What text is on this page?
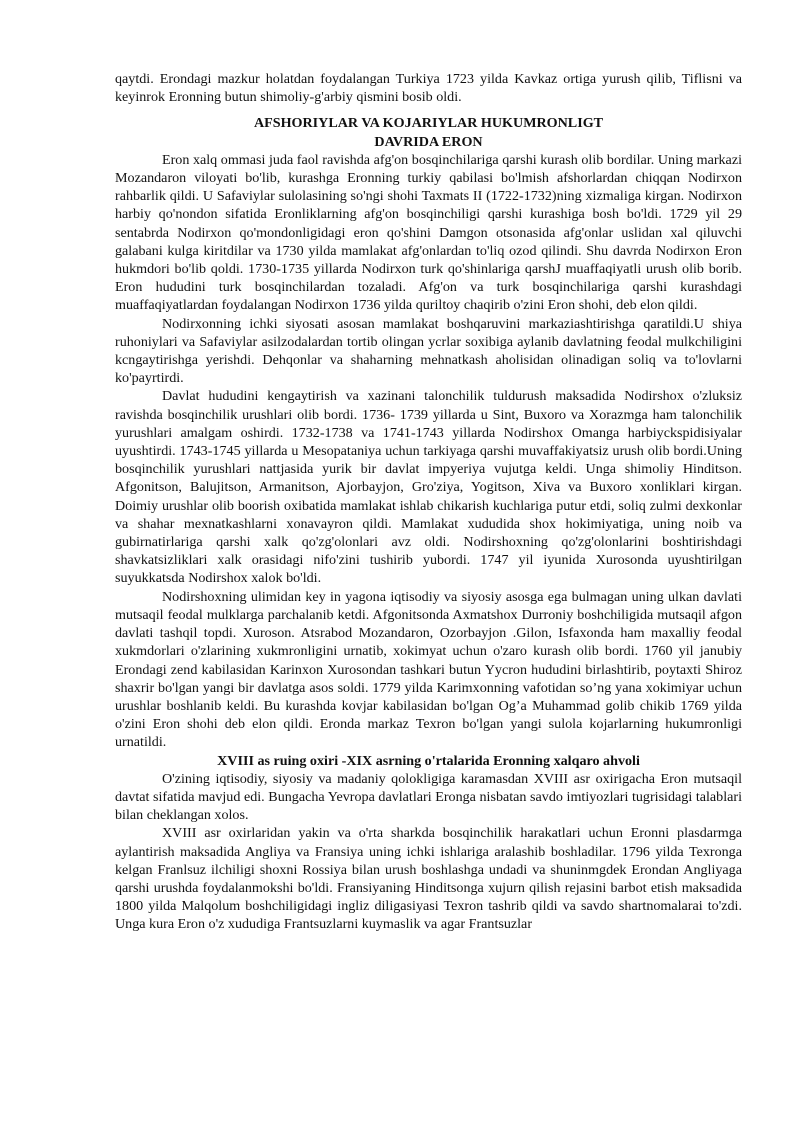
qaytdi. Erondagi mazkur holatdan foydalangan Turkiya 1723 yilda Kavkaz ortiga yurush qilib, Tiflisni va keyinrok Eronning butun shimoliy-g'arbiy qismini bosib oldi.

AFSHORIYLAR VA KOJARIYLAR HUKUMRONLIGT
DAVRIDA ERON

Eron xalq ommasi juda faol ravishda afg'on bosqinchilariga qarshi kurash olib bordilar. Uning markazi Mozandaron viloyati bo'lib, kurashga Eronning turkiy qabilasi bo'lmish afshorlardan chiqqan Nodirxon rahbarlik qildi. U Safaviylar sulolasining so'ngi shohi Taxmats II (1722-1732)ning xizmaliga kirgan. Nodirxon harbiy qo'nondon sifatida Eronliklarning afg'on bosqinchiligi qarshi kurashiga bosh bo'ldi. 1729 yil 29 sentabrda Nodirxon qo'mondonligidagi eron qo'shini Damgon otsonasida afg'onlar uslidan xal qiluvchi galabani kulga kiritdilar va 1730 yilda mamlakat afg'onlardan to'liq ozod qilindi. Shu davrda Nodirxon Eron hukmdori bo'lib qoldi. 1730-1735 yillarda Nodirxon turk qo'shinlariga qarshJ muaffaqiyatli urush olib borib. Eron hududini turk bosqinchilardan tozaladi. Afg'on va turk bosqinchilariga qarshi kurashdagi muaffaqiyatlardan foydalangan Nodirxon 1736 yilda quriltoy chaqirib o'zini Eron shohi, deb elon qildi.

Nodirxonning ichki siyosati asosan mamlakat boshqaruvini markaziashtirishga qaratildi.U shiya ruhoniylari va Safaviylar asilzodalardan tortib olingan ycrlar soxibiga aylanib davlatning feodal mulkchiligini kcngaytirishga yerishdi. Dehqonlar va shaharning mehnatkash aholisidan olinadigan soliq va to'lovlarni ko'payrtirdi.

Davlat hududini kengaytirish va xazinani talonchilik tuldurush maksadida Nodirshox o'zluksiz ravishda bosqinchilik urushlari olib bordi. 1736- 1739 yillarda u Sint, Buxoro va Xorazmga ham talonchilik yurushlari amalgam oshirdi. 1732-1738 va 1741-1743 yillarda Nodirshox Omanga harbiyckspidisiyalar uyushtirdi. 1743-1745 yillarda u Mesopataniya uchun tarkiyaga qarshi muvaffakiyatsiz urush olib bordi.Uning bosqinchilik yurushlari nattjasida yurik bir davlat impyeriya vujutga keldi. Unga shimoliy Hinditson. Afgonitson, Balujitson, Armanitson, Ajorbayjon, Gro'ziya, Yogitson, Xiva va Buxoro xonliklari kirgan. Doimiy urushlar olib boorish oxibatida mamlakat ishlab chikarish kuchlariga putur etdi, soliq zulmi dexkonlar va shahar mexnatkashlarni xonavayron qildi. Mamlakat xududida shox hokimiyatiga, uning noib va gubirnatirlariga qarshi xalk qo'zg'olonlari avz oldi. Nodirshoxning qo'zg'olonlarini boshtirishdagi shavkatsizliklari xalk orasidagi nifo'zini tushirib yubordi. 1747 yil iyunida Xurosonda uyushtirilgan suyukkatsda Nodirshox xalok bo'ldi.

Nodirshoxning ulimidan key in yagona iqtisodiy va siyosiy asosga ega bulmagan uning ulkan davlati mutsaqil feodal mulklarga parchalanib ketdi. Afgonitsonda Axmatshox Durroniy boshchiligida mutsaqil afgon davlati tashqil topdi. Xuroson. Atsrabod Mozandaron, Ozorbayjon .Gilon, Isfaxonda ham maxalliy feodal xukmdorlari o'zlarining xukmronligini urnatib, xokimyat uchun o'zaro kurash olib bordi. 1760 yil janubiy Erondagi zend kabilasidan Karinxon Xurosondan tashkari butun Yycron hududini birlashtirib, poytaxti Shiroz shaxrir bo'lgan yangi bir davlatga asos soldi. 1779 yilda Karimxonning vafotidan so’ng yana xokimiyar uchun urushlar boshlanib keldi. Bu kurashda kovjar kabilasidan bo'lgan Og’a Muhammad golib chikib 1769 yilda o'zini Eron shohi deb elon qildi. Eronda markaz Texron bo'lgan yangi sulola kojarlarning hukumronligi urnatildi.

XVIII as ruing oxiri -XIX asrning o'rtalarida Eronning xalqaro ahvoli

O'zining iqtisodiy, siyosiy va madaniy qolokligiga karamasdan XVIII asr oxirigacha Eron mutsaqil davtat sifatida mavjud edi. Bungacha Yevropa davlatlari Eronga nisbatan savdo imtiyozlari tugrisidagi talablari bilan cheklangan xolos.

XVIII asr oxirlaridan yakin va o'rta sharkda bosqinchilik harakatlari uchun Eronni plasdarmga aylantirish maksadida Angliya va Fransiya uning ichki ishlariga aralashib boshladilar. 1796 yilda Texronga kelgan Franlsuz ilchiligi shoxni Rossiya bilan urush boshlashga undadi va shuninmgdek Erondan Angliyaga qarshi urushda foydalanmokshi bo'ldi. Fransiyaning Hinditsonga xujurn qilish rejasini barbot etish maksadida 1800 yilda Malqolum boshchiligidagi ingliz diligasiyasi Texron tashrib qildi va savdo shartnomalarai to'zdi. Unga kura Eron o'z xududiga Frantsuzlarni kuymaslik va agar Frantsuzlar
